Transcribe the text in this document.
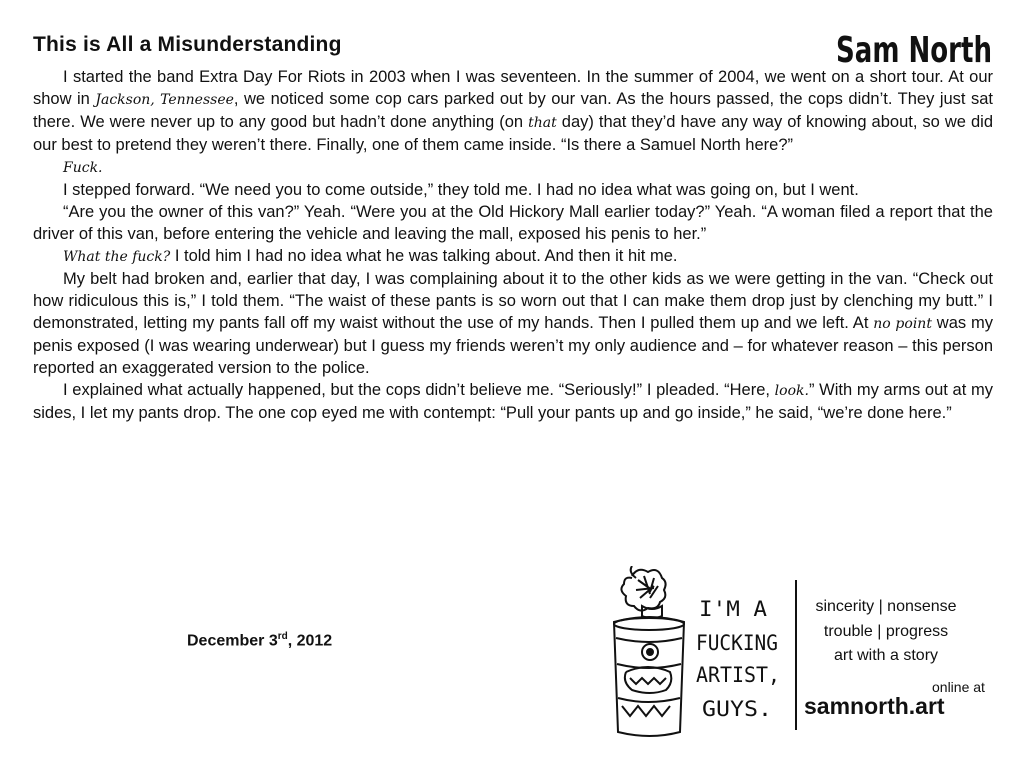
This is All a Misunderstanding	Sam North

I started the band Extra Day For Riots in 2003 when I was seventeen. In the summer of 2004, we went on a short tour. At our show in Jackson, Tennessee, we noticed some cop cars parked out by our van. As the hours passed, the cops didn’t. They just sat there. We were never up to any good but hadn’t done anything (on that day) that they’d have any way of knowing about, so we did our best to pretend they weren’t there. Finally, one of them came inside. “Is there a Samuel North here?”

Fuck.

I stepped forward. “We need you to come outside,” they told me. I had no idea what was going on, but I went.

“Are you the owner of this van?” Yeah. “Were you at the Old Hickory Mall earlier today?” Yeah. “A woman filed a report that the driver of this van, before entering the vehicle and leaving the mall, exposed his penis to her.”

What the fuck? I told him I had no idea what he was talking about. And then it hit me.

My belt had broken and, earlier that day, I was complaining about it to the other kids as we were getting in the van. “Check out how ridiculous this is,” I told them. “The waist of these pants is so worn out that I can make them drop just by clenching my butt.” I demonstrated, letting my pants fall off my waist without the use of my hands. Then I pulled them up and we left. At no point was my penis exposed (I was wearing underwear) but I guess my friends weren’t my only audience and – for whatever reason – this person reported an exaggerated version to the police.

I explained what actually happened, but the cops didn’t believe me. “Seriously!” I pleaded. “Here, look.” With my arms out at my sides, I let my pants drop. The one cop eyed me with contempt: “Pull your pants up and go inside,” he said, “we’re done here.”

December 3rd, 2012
I'M A
FUCKING
ARTIST,
GUYS.
sincerity | nonsense
trouble | progress
art with a story
online at
samnorth.art
